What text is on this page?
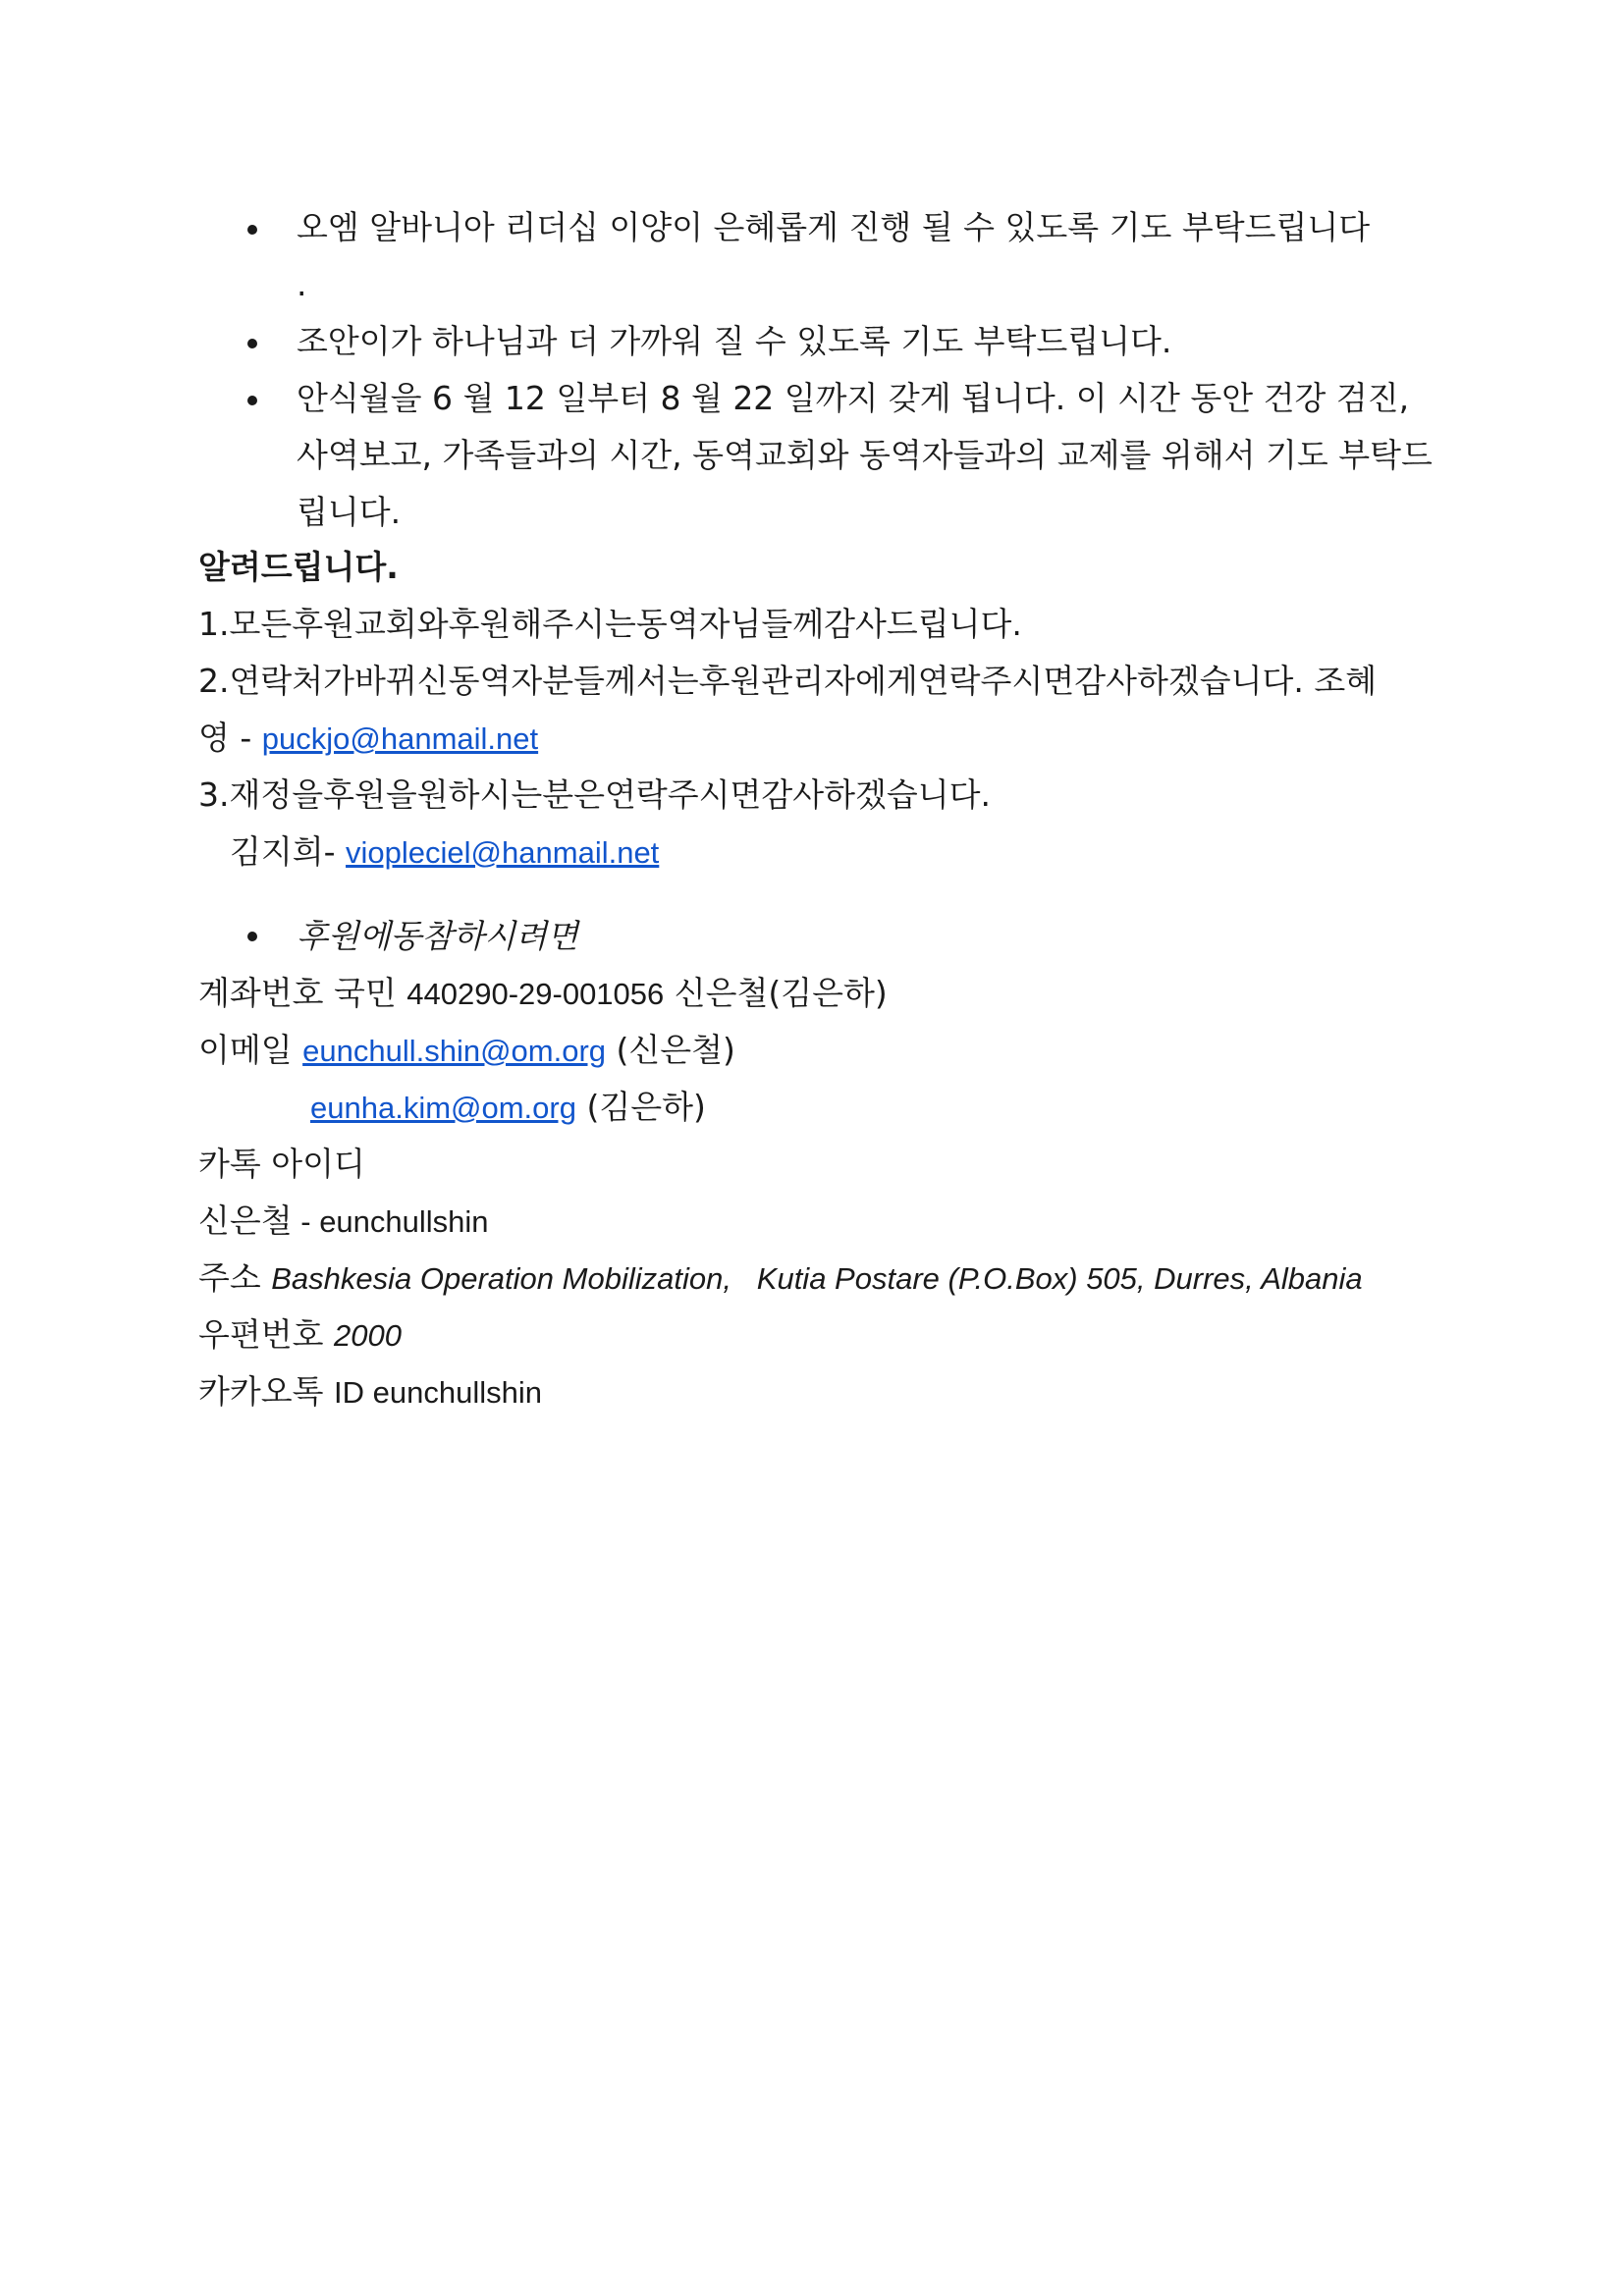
오엠 알바니아 리더십 이양이 은혜롭게 진행 될 수 있도록 기도 부탁드립니다
.
조안이가 하나님과 더 가까워 질 수 있도록 기도 부탁드립니다.
안식월을 6 월 12 일부터 8 월 22 일까지 갖게 됩니다. 이 시간 동안 건강 검진, 사역보고, 가족들과의 시간, 동역교회와 동역자들과의 교제를 위해서 기도 부탁드립니다.
알려드립니다.
1.모든후원교회와후원해주시는동역자님들께감사드립니다.
2.연락처가바뀌신동역자분들께서는후원관리자에게연락주시면감사하겠습니다. 조혜
영 - puckjo@hanmail.net
3.재정을후원을원하시는분은연락주시면감사하겠습니다.
김지희- viopleciel@hanmail.net
후원에동참하시려면
계좌번호 국민 440290-29-001056 신은철(김은하)
이메일 eunchull.shin@om.org (신은철)
eunha.kim@om.org (김은하)
카톡 아이디
신은철 - eunchullshin
주소 Bashkesia Operation Mobilization,   Kutia Postare (P.O.Box) 505, Durres, Albania
우편번호 2000
카카오톡 ID eunchullshin
